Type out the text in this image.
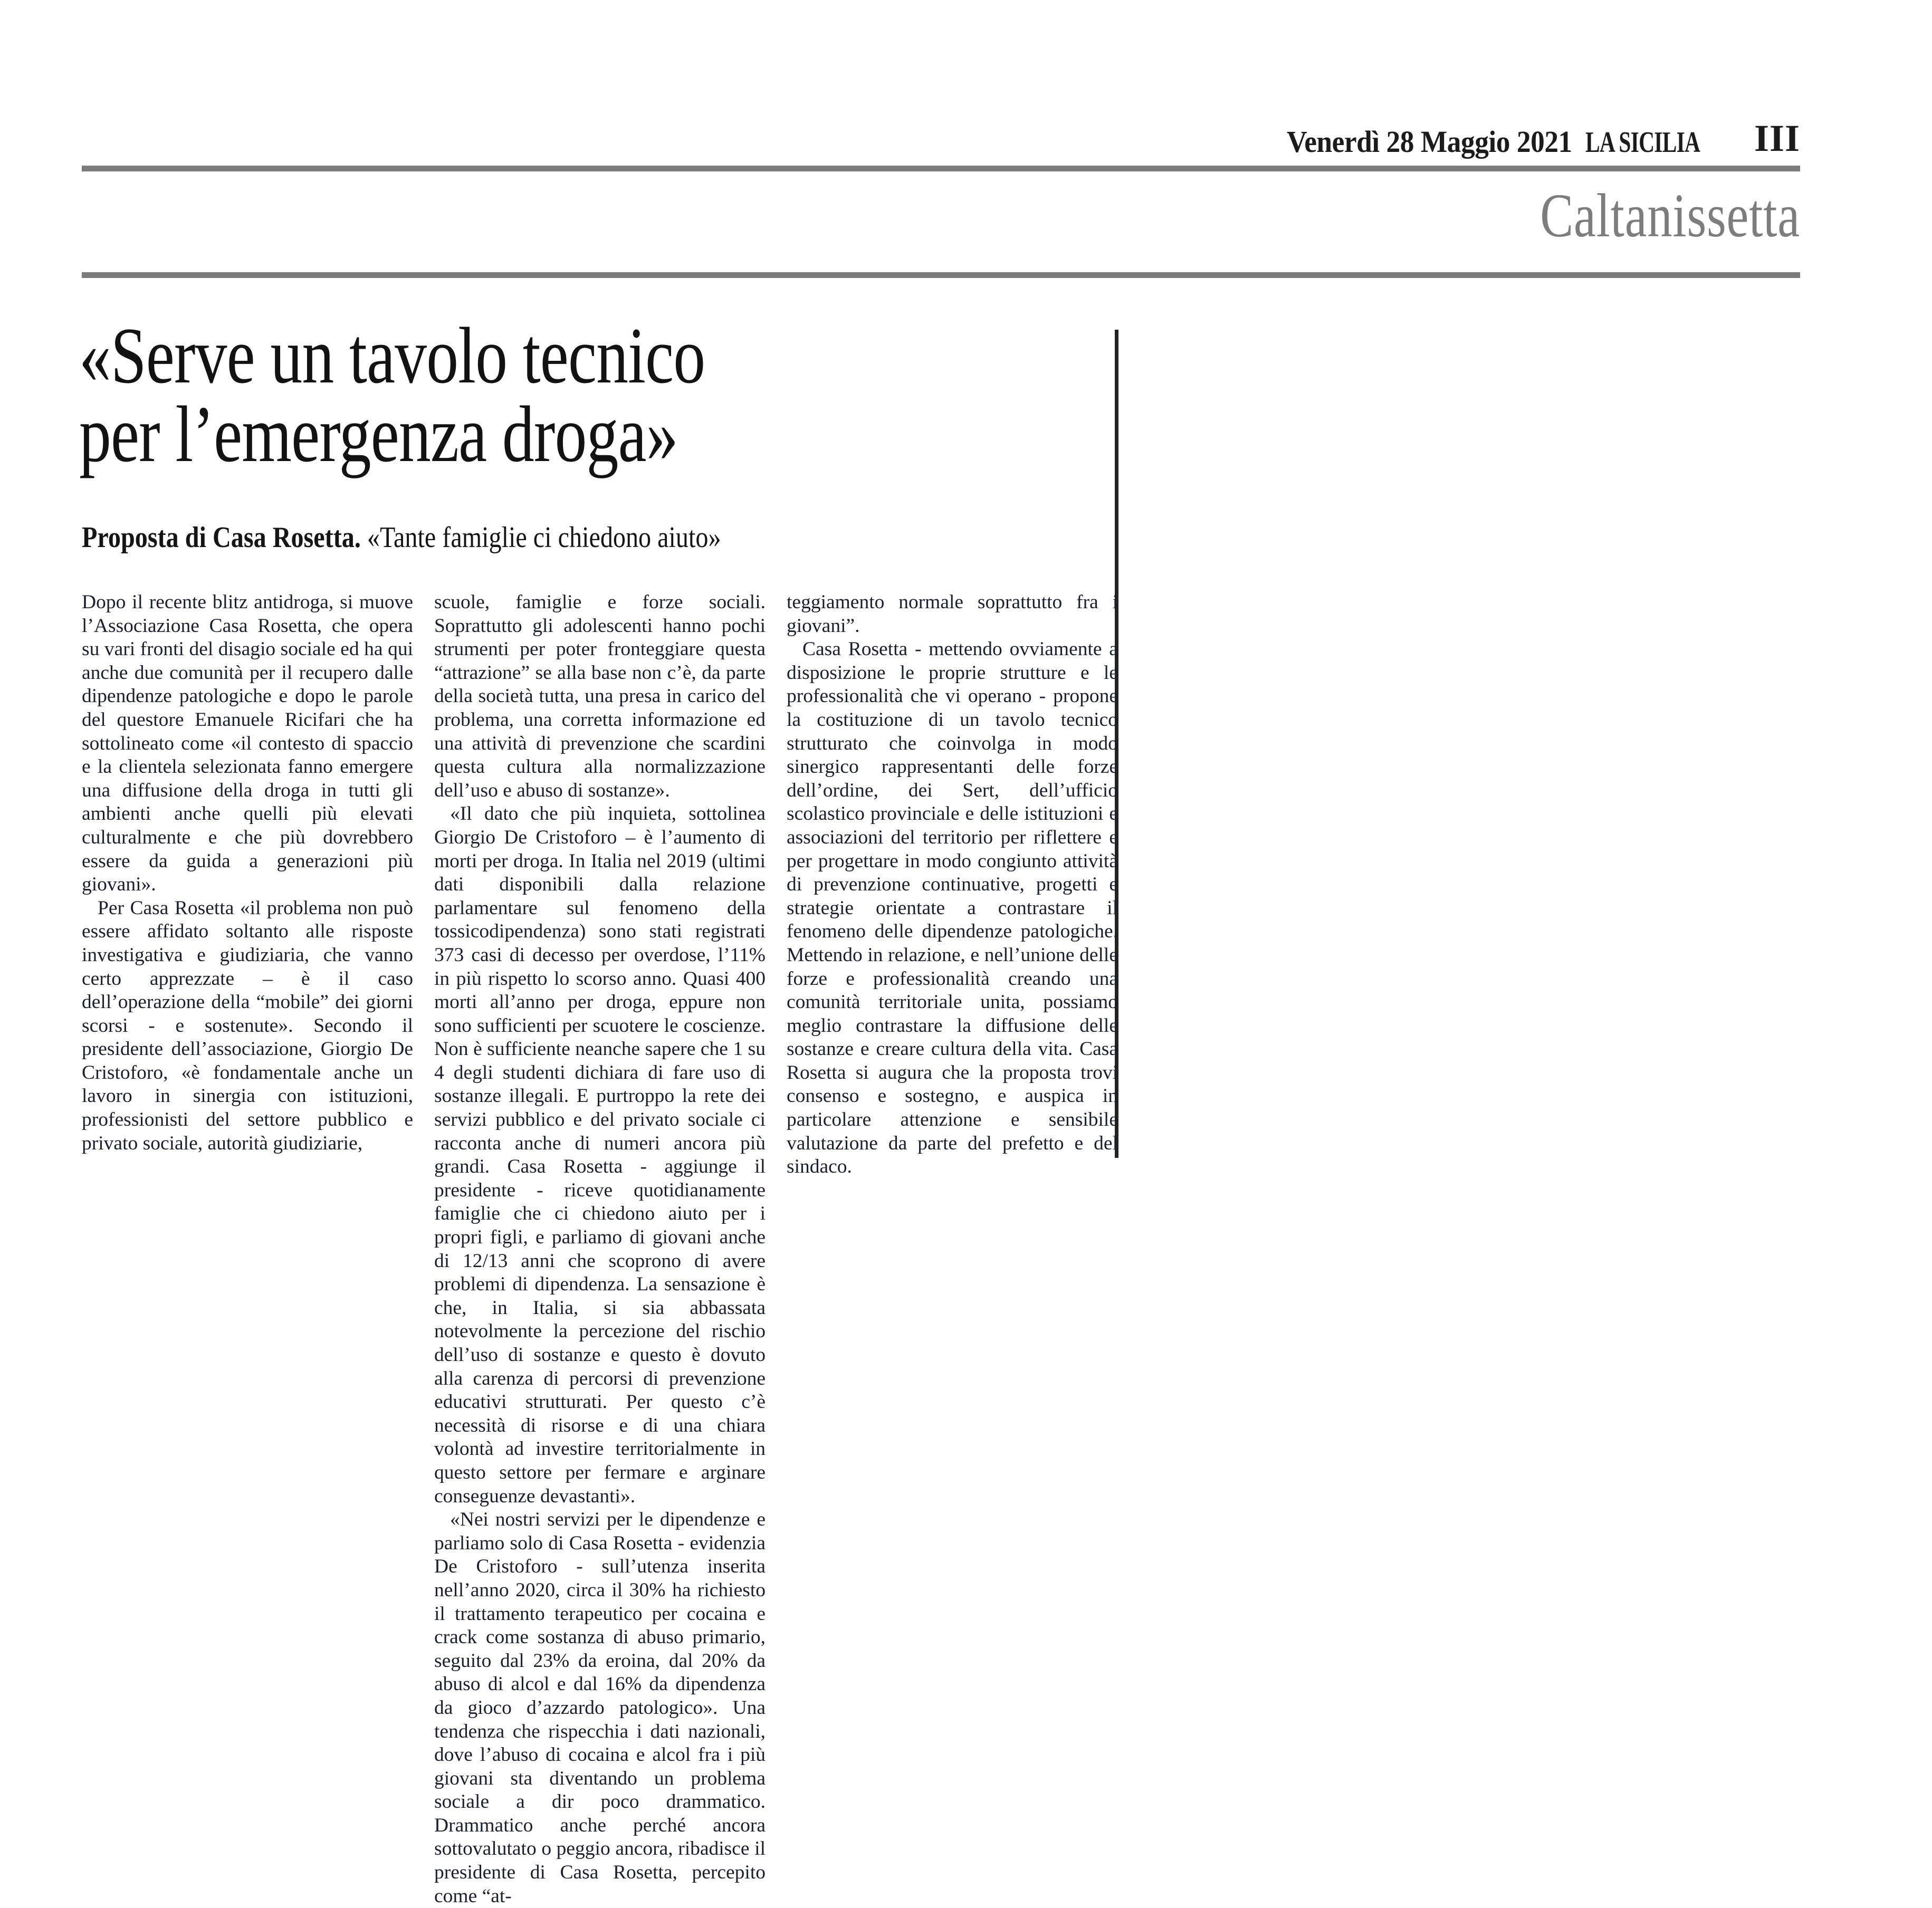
Venerdì 28 Maggio 2021 LA SICILIA III
Caltanissetta
«Serve un tavolo tecnico
per l’emergenza droga»
Proposta di Casa Rosetta. «Tante famiglie ci chiedono aiuto»

Dopo il recente blitz antidroga, si muove l’Associazione Casa Rosetta, che opera su vari fronti del disagio sociale ed ha qui anche due comunità per il recupero dalle dipendenze patologiche e dopo le parole del questore Emanuele Ricifari che ha sottolineato come «il contesto di spaccio e la clientela selezionata fanno emergere una diffusione della droga in tutti gli ambienti anche quelli più elevati culturalmente e che più dovrebbero essere da guida a generazioni più giovani».

Per Casa Rosetta «il problema non può essere affidato soltanto alle risposte investigativa e giudiziaria, che vanno certo apprezzate – è il caso dell’operazione della “mobile” dei giorni scorsi - e sostenute». Secondo il presidente dell’associazione, Giorgio De Cristoforo, «è fondamentale anche un lavoro in sinergia con istituzioni, professionisti del settore pubblico e privato sociale, autorità giudiziarie,

scuole, famiglie e forze sociali. Soprattutto gli adolescenti hanno pochi strumenti per poter fronteggiare questa “attrazione” se alla base non c’è, da parte della società tutta, una presa in carico del problema, una corretta informazione ed una attività di prevenzione che scardini questa cultura alla normalizzazione dell’uso e abuso di sostanze».

«Il dato che più inquieta, sottolinea Giorgio De Cristoforo – è l’aumento di morti per droga. In Italia nel 2019 (ultimi dati disponibili dalla relazione parlamentare sul fenomeno della tossicodipendenza) sono stati registrati 373 casi di decesso per overdose, l’11% in più rispetto lo scorso anno. Quasi 400 morti all’anno per droga, eppure non sono sufficienti per scuotere le coscienze. Non è sufficiente neanche sapere che 1 su 4 degli studenti dichiara di fare uso di sostanze illegali. E purtroppo la rete dei servizi pubblico e del privato sociale ci racconta anche di numeri ancora più grandi. Casa Rosetta - aggiunge il presidente - riceve quotidianamente famiglie che ci chiedono aiuto per i propri figli, e parliamo di giovani anche di 12/13 anni che scoprono di avere problemi di dipendenza. La sensazione è che, in Italia, si sia abbassata notevolmente la percezione del rischio dell’uso di sostanze e questo è dovuto alla carenza di percorsi di prevenzione educativi strutturati. Per questo c’è necessità di risorse e di una chiara volontà ad investire territorialmente in questo settore per fermare e arginare conseguenze devastanti».

«Nei nostri servizi per le dipendenze e parliamo solo di Casa Rosetta - evidenzia De Cristoforo - sull’utenza inserita nell’anno 2020, circa il 30% ha richiesto il trattamento terapeutico per cocaina e crack come sostanza di abuso primario, seguito dal 23% da eroina, dal 20% da abuso di alcol e dal 16% da dipendenza da gioco d’azzardo patologico». Una tendenza che rispecchia i dati nazionali, dove l’abuso di cocaina e alcol fra i più giovani sta diventando un problema sociale a dir poco drammatico. Drammatico anche perché ancora sottovalutato o peggio ancora, ribadisce il presidente di Casa Rosetta, percepito come “at-

teggiamento normale soprattutto fra i giovani”.

Casa Rosetta - mettendo ovviamente a disposizione le proprie strutture e le professionalità che vi operano - propone la costituzione di un tavolo tecnico strutturato che coinvolga in modo sinergico rappresentanti delle forze dell’ordine, dei Sert, dell’ufficio scolastico provinciale e delle istituzioni e associazioni del territorio per riflettere e per progettare in modo congiunto attività di prevenzione continuative, progetti e strategie orientate a contrastare il fenomeno delle dipendenze patologiche. Mettendo in relazione, e nell’unione delle forze e professionalità creando una comunità territoriale unita, possiamo meglio contrastare la diffusione delle sostanze e creare cultura della vita. Casa Rosetta si augura che la proposta trovi consenso e sostegno, e auspica in particolare attenzione e sensibile valutazione da parte del prefetto e del sindaco.
